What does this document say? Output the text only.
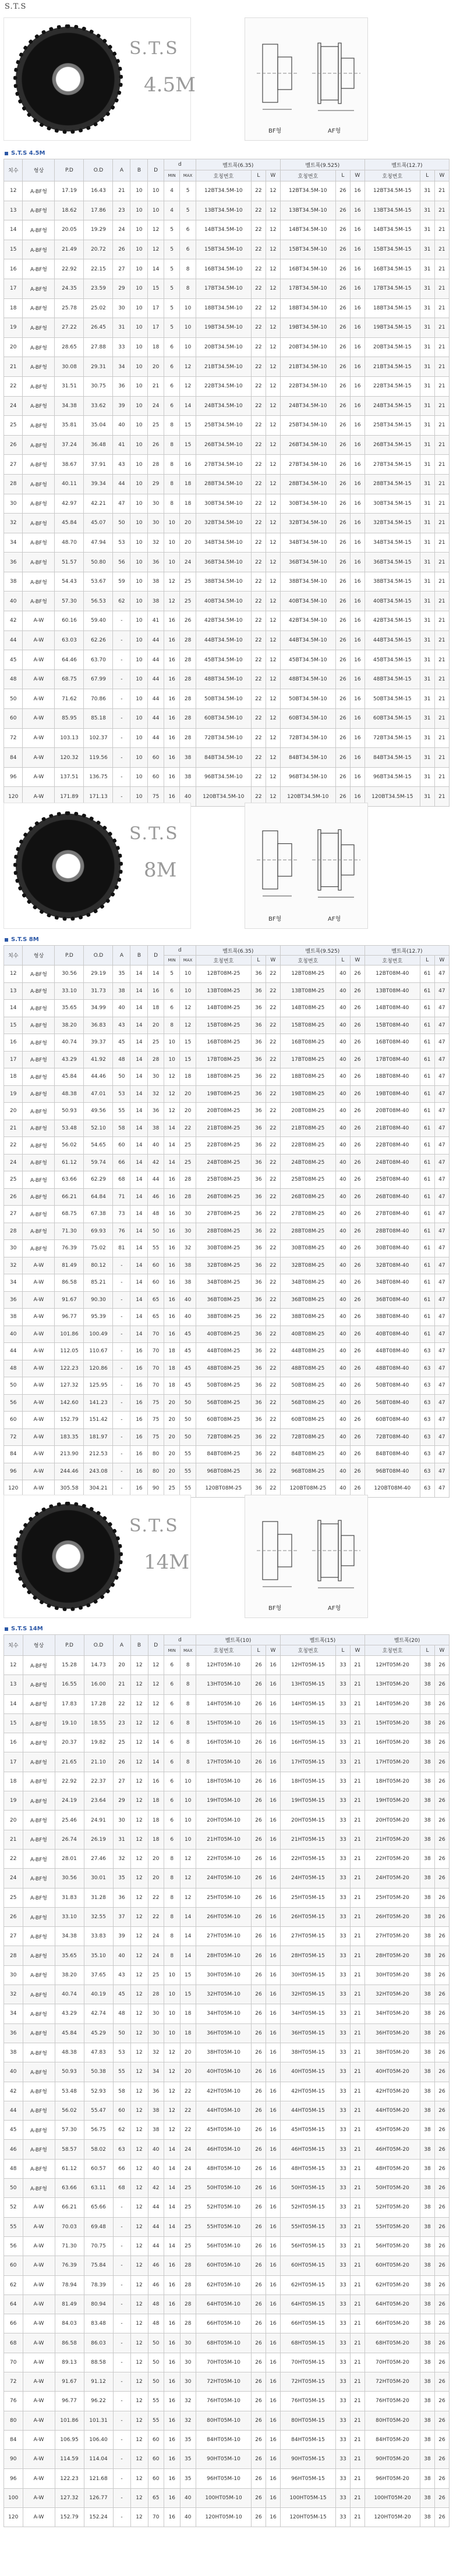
S.T.S
S.T.S
4.5M
BF형	AF형
S.T.S 4.5M
치수	형상	P.D	O.D	A	B	D	d		벨트폭(6.35)			벨트폭(9.525)			벨트폭(12.7)		
							MIN	MAX	호칭번호	L	W	호칭번호	L	W	호칭번호	L	W
12	A-BF형	17.19	16.43	21	10	10	4	5	12BT34.5M-10	22	12	12BT34.5M-10	26	16	12BT34.5M-15	31	21
13	A-BF형	18.62	17.86	23	10	10	4	5	13BT34.5M-10	22	12	13BT34.5M-10	26	16	13BT34.5M-15	31	21
14	A-BF형	20.05	19.29	24	10	12	5	6	14BT34.5M-10	22	12	14BT34.5M-10	26	16	14BT34.5M-15	31	21
15	A-BF형	21.49	20.72	26	10	12	5	6	15BT34.5M-10	22	12	15BT34.5M-10	26	16	15BT34.5M-15	31	21
16	A-BF형	22.92	22.15	27	10	14	5	8	16BT34.5M-10	22	12	16BT34.5M-10	26	16	16BT34.5M-15	31	21
17	A-BF형	24.35	23.59	29	10	15	5	8	17BT34.5M-10	22	12	17BT34.5M-10	26	16	17BT34.5M-15	31	21
18	A-BF형	25.78	25.02	30	10	17	5	10	18BT34.5M-10	22	12	18BT34.5M-10	26	16	18BT34.5M-15	31	21
19	A-BF형	27.22	26.45	31	10	17	5	10	19BT34.5M-10	22	12	19BT34.5M-10	26	16	19BT34.5M-15	31	21
20	A-BF형	28.65	27.88	33	10	18	6	10	20BT34.5M-10	22	12	20BT34.5M-10	26	16	20BT34.5M-15	31	21
21	A-BF형	30.08	29.31	34	10	20	6	12	21BT34.5M-10	22	12	21BT34.5M-10	26	16	21BT34.5M-15	31	21
22	A-BF형	31.51	30.75	36	10	21	6	12	22BT34.5M-10	22	12	22BT34.5M-10	26	16	22BT34.5M-15	31	21
24	A-BF형	34.38	33.62	39	10	24	6	14	24BT34.5M-10	22	12	24BT34.5M-10	26	16	24BT34.5M-15	31	21
25	A-BF형	35.81	35.04	40	10	25	8	15	25BT34.5M-10	22	12	25BT34.5M-10	26	16	25BT34.5M-15	31	21
26	A-BF형	37.24	36.48	41	10	26	8	15	26BT34.5M-10	22	12	26BT34.5M-10	26	16	26BT34.5M-15	31	21
27	A-BF형	38.67	37.91	43	10	28	8	16	27BT34.5M-10	22	12	27BT34.5M-10	26	16	27BT34.5M-15	31	21
28	A-BF형	40.11	39.34	44	10	29	8	18	28BT34.5M-10	22	12	28BT34.5M-10	26	16	28BT34.5M-15	31	21
30	A-BF형	42.97	42.21	47	10	30	8	18	30BT34.5M-10	22	12	30BT34.5M-10	26	16	30BT34.5M-15	31	21
32	A-BF형	45.84	45.07	50	10	30	10	20	32BT34.5M-10	22	12	32BT34.5M-10	26	16	32BT34.5M-15	31	21
34	A-BF형	48.70	47.94	53	10	32	10	20	34BT34.5M-10	22	12	34BT34.5M-10	26	16	34BT34.5M-15	31	21
36	A-BF형	51.57	50.80	56	10	36	10	24	36BT34.5M-10	22	12	36BT34.5M-10	26	16	36BT34.5M-15	31	21
38	A-BF형	54.43	53.67	59	10	38	12	25	38BT34.5M-10	22	12	38BT34.5M-10	26	16	38BT34.5M-15	31	21
40	A-BF형	57.30	56.53	62	10	38	12	25	40BT34.5M-10	22	12	40BT34.5M-10	26	16	40BT34.5M-15	31	21
42	A-W	60.16	59.40	-	10	41	16	26	42BT34.5M-10	22	12	42BT34.5M-10	26	16	42BT34.5M-15	31	21
44	A-W	63.03	62.26	-	10	44	16	28	44BT34.5M-10	22	12	44BT34.5M-10	26	16	44BT34.5M-15	31	21
45	A-W	64.46	63.70	-	10	44	16	28	45BT34.5M-10	22	12	45BT34.5M-10	26	16	45BT34.5M-15	31	21
48	A-W	68.75	67.99	-	10	44	16	28	48BT34.5M-10	22	12	48BT34.5M-10	26	16	48BT34.5M-15	31	21
50	A-W	71.62	70.86	-	10	44	16	28	50BT34.5M-10	22	12	50BT34.5M-10	26	16	50BT34.5M-15	31	21
60	A-W	85.95	85.18	-	10	44	16	28	60BT34.5M-10	22	12	60BT34.5M-10	26	16	60BT34.5M-15	31	21
72	A-W	103.13	102.37	-	10	44	16	28	72BT34.5M-10	22	12	72BT34.5M-10	26	16	72BT34.5M-15	31	21
84	A-W	120.32	119.56	-	10	60	16	38	84BT34.5M-10	22	12	84BT34.5M-10	26	16	84BT34.5M-15	31	21
96	A-W	137.51	136.75	-	10	60	16	38	96BT34.5M-10	22	12	96BT34.5M-10	26	16	96BT34.5M-15	31	21
120	A-W	171.89	171.13	-	10	75	16	40	120BT34.5M-10	22	12	120BT34.5M-10	26	16	120BT34.5M-15	31	21
S.T.S
8M
BF형	AF형
S.T.S 8M
치수	형상	P.D	O.D	A	B	D	d		벨트폭(6.35)			벨트폭(9.525)			벨트폭(12.7)		
							MIN	MAX	호칭번호	L	W	호칭번호	L	W	호칭번호	L	W
12	A-BF형	30.56	29.19	35	14	14	5	10	12BT08M-25	36	22	12BT08M-25	40	26	12BT08M-40	61	47
13	A-BF형	33.10	31.73	38	14	16	6	10	13BT08M-25	36	22	13BT08M-25	40	26	13BT08M-40	61	47
14	A-BF형	35.65	34.99	40	14	18	6	12	14BT08M-25	36	22	14BT08M-25	40	26	14BT08M-40	61	47
15	A-BF형	38.20	36.83	43	14	20	8	12	15BT08M-25	36	22	15BT08M-25	40	26	15BT08M-40	61	47
16	A-BF형	40.74	39.37	45	14	25	10	15	16BT08M-25	36	22	16BT08M-25	40	26	16BT08M-40	61	47
17	A-BF형	43.29	41.92	48	14	28	10	15	17BT08M-25	36	22	17BT08M-25	40	26	17BT08M-40	61	47
18	A-BF형	45.84	44.46	50	14	30	12	18	18BT08M-25	36	22	18BT08M-25	40	26	18BT08M-40	61	47
19	A-BF형	48.38	47.01	53	14	32	12	20	19BT08M-25	36	22	19BT08M-25	40	26	19BT08M-40	61	47
20	A-BF형	50.93	49.56	55	14	36	12	20	20BT08M-25	36	22	20BT08M-25	40	26	20BT08M-40	61	47
21	A-BF형	53.48	52.10	58	14	38	14	22	21BT08M-25	36	22	21BT08M-25	40	26	21BT08M-40	61	47
22	A-BF형	56.02	54.65	60	14	40	14	25	22BT08M-25	36	22	22BT08M-25	40	26	22BT08M-40	61	47
24	A-BF형	61.12	59.74	66	14	42	14	25	24BT08M-25	36	22	24BT08M-25	40	26	24BT08M-40	61	47
25	A-BF형	63.66	62.29	68	14	44	16	28	25BT08M-25	36	22	25BT08M-25	40	26	25BT08M-40	61	47
26	A-BF형	66.21	64.84	71	14	46	16	28	26BT08M-25	36	22	26BT08M-25	40	26	26BT08M-40	61	47
27	A-BF형	68.75	67.38	73	14	48	16	30	27BT08M-25	36	22	27BT08M-25	40	26	27BT08M-40	61	47
28	A-BF형	71.30	69.93	76	14	50	16	30	28BT08M-25	36	22	28BT08M-25	40	26	28BT08M-40	61	47
30	A-BF형	76.39	75.02	81	14	55	16	32	30BT08M-25	36	22	30BT08M-25	40	26	30BT08M-40	61	47
32	A-W	81.49	80.12	-	14	60	16	38	32BT08M-25	36	22	32BT08M-25	40	26	32BT08M-40	61	47
34	A-W	86.58	85.21	-	14	60	16	38	34BT08M-25	36	22	34BT08M-25	40	26	34BT08M-40	61	47
36	A-W	91.67	90.30	-	14	65	16	40	36BT08M-25	36	22	36BT08M-25	40	26	36BT08M-40	61	47
38	A-W	96.77	95.39	-	14	65	16	40	38BT08M-25	36	22	38BT08M-25	40	26	38BT08M-40	61	47
40	A-W	101.86	100.49	-	14	70	16	45	40BT08M-25	36	22	40BT08M-25	40	26	40BT08M-40	61	47
44	A-W	112.05	110.67	-	16	70	18	45	44BT08M-25	36	22	44BT08M-25	40	26	44BT08M-40	63	47
48	A-W	122.23	120.86	-	16	70	18	45	48BT08M-25	36	22	48BT08M-25	40	26	48BT08M-40	63	47
50	A-W	127.32	125.95	-	16	70	18	45	50BT08M-25	36	22	50BT08M-25	40	26	50BT08M-40	63	47
56	A-W	142.60	141.23	-	16	75	20	50	56BT08M-25	36	22	56BT08M-25	40	26	56BT08M-40	63	47
60	A-W	152.79	151.42	-	16	75	20	50	60BT08M-25	36	22	60BT08M-25	40	26	60BT08M-40	63	47
72	A-W	183.35	181.97	-	16	75	20	50	72BT08M-25	36	22	72BT08M-25	40	26	72BT08M-40	63	47
84	A-W	213.90	212.53	-	16	80	20	55	84BT08M-25	36	22	84BT08M-25	40	26	84BT08M-40	63	47
96	A-W	244.46	243.08	-	16	80	20	55	96BT08M-25	36	22	96BT08M-25	40	26	96BT08M-40	63	47
120	A-W	305.58	304.21	-	16	90	25	55	120BT08M-25	36	22	120BT08M-25	40	26	120BT08M-40	63	47
S.T.S
14M
BF형	AF형
S.T.S 14M
치수	형상	P.D	O.D	A	B	D	d		벨트폭(10)			벨트폭(15)			벨트폭(20)		
							MIN	MAX	호칭번호	L	W	호칭번호	L	W	호칭번호	L	W
12	A-BF형	15.28	14.73	20	12	12	6	8	12HT05M-10	26	16	12HT05M-15	33	21	12HT05M-20	38	26
13	A-BF형	16.55	16.00	21	12	12	6	8	13HT05M-10	26	16	13HT05M-15	33	21	13HT05M-20	38	26
14	A-BF형	17.83	17.28	22	12	12	6	8	14HT05M-10	26	16	14HT05M-15	33	21	14HT05M-20	38	26
15	A-BF형	19.10	18.55	23	12	12	6	8	15HT05M-10	26	16	15HT05M-15	33	21	15HT05M-20	38	26
16	A-BF형	20.37	19.82	25	12	14	6	8	16HT05M-10	26	16	16HT05M-15	33	21	16HT05M-20	38	26
17	A-BF형	21.65	21.10	26	12	14	6	8	17HT05M-10	26	16	17HT05M-15	33	21	17HT05M-20	38	26
18	A-BF형	22.92	22.37	27	12	16	6	10	18HT05M-10	26	16	18HT05M-15	33	21	18HT05M-20	38	26
19	A-BF형	24.19	23.64	29	12	18	6	10	19HT05M-10	26	16	19HT05M-15	33	21	19HT05M-20	38	26
20	A-BF형	25.46	24.91	30	12	18	6	10	20HT05M-10	26	16	20HT05M-15	33	21	20HT05M-20	38	26
21	A-BF형	26.74	26.19	31	12	18	6	10	21HT05M-10	26	16	21HT05M-15	33	21	21HT05M-20	38	26
22	A-BF형	28.01	27.46	32	12	20	8	12	22HT05M-10	26	16	22HT05M-15	33	21	22HT05M-20	38	26
24	A-BF형	30.56	30.01	35	12	20	8	12	24HT05M-10	26	16	24HT05M-15	33	21	24HT05M-20	38	26
25	A-BF형	31.83	31.28	36	12	22	8	12	25HT05M-10	26	16	25HT05M-15	33	21	25HT05M-20	38	26
26	A-BF형	33.10	32.55	37	12	22	8	14	26HT05M-10	26	16	26HT05M-15	33	21	26HT05M-20	38	26
27	A-BF형	34.38	33.83	39	12	24	8	14	27HT05M-10	26	16	27HT05M-15	33	21	27HT05M-20	38	26
28	A-BF형	35.65	35.10	40	12	24	8	14	28HT05M-10	26	16	28HT05M-15	33	21	28HT05M-20	38	26
30	A-BF형	38.20	37.65	43	12	25	10	15	30HT05M-10	26	16	30HT05M-15	33	21	30HT05M-20	38	26
32	A-BF형	40.74	40.19	45	12	28	10	15	32HT05M-10	26	16	32HT05M-15	33	21	32HT05M-20	38	26
34	A-BF형	43.29	42.74	48	12	30	10	18	34HT05M-10	26	16	34HT05M-15	33	21	34HT05M-20	38	26
36	A-BF형	45.84	45.29	50	12	30	10	18	36HT05M-10	26	16	36HT05M-15	33	21	36HT05M-20	38	26
38	A-BF형	48.38	47.83	53	12	32	12	20	38HT05M-10	26	16	38HT05M-15	33	21	38HT05M-20	38	26
40	A-BF형	50.93	50.38	55	12	34	12	20	40HT05M-10	26	16	40HT05M-15	33	21	40HT05M-20	38	26
42	A-BF형	53.48	52.93	58	12	36	12	22	42HT05M-10	26	16	42HT05M-15	33	21	42HT05M-20	38	26
44	A-BF형	56.02	55.47	60	12	38	12	22	44HT05M-10	26	16	44HT05M-15	33	21	44HT05M-20	38	26
45	A-BF형	57.30	56.75	62	12	38	12	22	45HT05M-10	26	16	45HT05M-15	33	21	45HT05M-20	38	26
46	A-BF형	58.57	58.02	63	12	40	14	24	46HT05M-10	26	16	46HT05M-15	33	21	46HT05M-20	38	26
48	A-BF형	61.12	60.57	66	12	40	14	24	48HT05M-10	26	16	48HT05M-15	33	21	48HT05M-20	38	26
50	A-BF형	63.66	63.11	68	12	42	14	25	50HT05M-10	26	16	50HT05M-15	33	21	50HT05M-20	38	26
52	A-W	66.21	65.66	-	12	44	14	25	52HT05M-10	26	16	52HT05M-15	33	21	52HT05M-20	38	26
55	A-W	70.03	69.48	-	12	44	14	25	55HT05M-10	26	16	55HT05M-15	33	21	55HT05M-20	38	26
56	A-W	71.30	70.75	-	12	44	14	25	56HT05M-10	26	16	56HT05M-15	33	21	56HT05M-20	38	26
60	A-W	76.39	75.84	-	12	46	16	28	60HT05M-10	26	16	60HT05M-15	33	21	60HT05M-20	38	26
62	A-W	78.94	78.39	-	12	46	16	28	62HT05M-10	26	16	62HT05M-15	33	21	62HT05M-20	38	26
64	A-W	81.49	80.94	-	12	48	16	28	64HT05M-10	26	16	64HT05M-15	33	21	64HT05M-20	38	26
66	A-W	84.03	83.48	-	12	48	16	28	66HT05M-10	26	16	66HT05M-15	33	21	66HT05M-20	38	26
68	A-W	86.58	86.03	-	12	50	16	30	68HT05M-10	26	16	68HT05M-15	33	21	68HT05M-20	38	26
70	A-W	89.13	88.58	-	12	50	16	30	70HT05M-10	26	16	70HT05M-15	33	21	70HT05M-20	38	26
72	A-W	91.67	91.12	-	12	50	16	30	72HT05M-10	26	16	72HT05M-15	33	21	72HT05M-20	38	26
76	A-W	96.77	96.22	-	12	55	16	32	76HT05M-10	26	16	76HT05M-15	33	21	76HT05M-20	38	26
80	A-W	101.86	101.31	-	12	55	16	32	80HT05M-10	26	16	80HT05M-15	33	21	80HT05M-20	38	26
84	A-W	106.95	106.40	-	12	60	16	35	84HT05M-10	26	16	84HT05M-15	33	21	84HT05M-20	38	26
90	A-W	114.59	114.04	-	12	60	16	35	90HT05M-10	26	16	90HT05M-15	33	21	90HT05M-20	38	26
96	A-W	122.23	121.68	-	12	60	16	35	96HT05M-10	26	16	96HT05M-15	33	21	96HT05M-20	38	26
100	A-W	127.32	126.77	-	12	65	16	40	100HT05M-10	26	16	100HT05M-15	33	21	100HT05M-20	38	26
120	A-W	152.79	152.24	-	12	70	16	40	120HT05M-10	26	16	120HT05M-15	33	21	120HT05M-20	38	26
